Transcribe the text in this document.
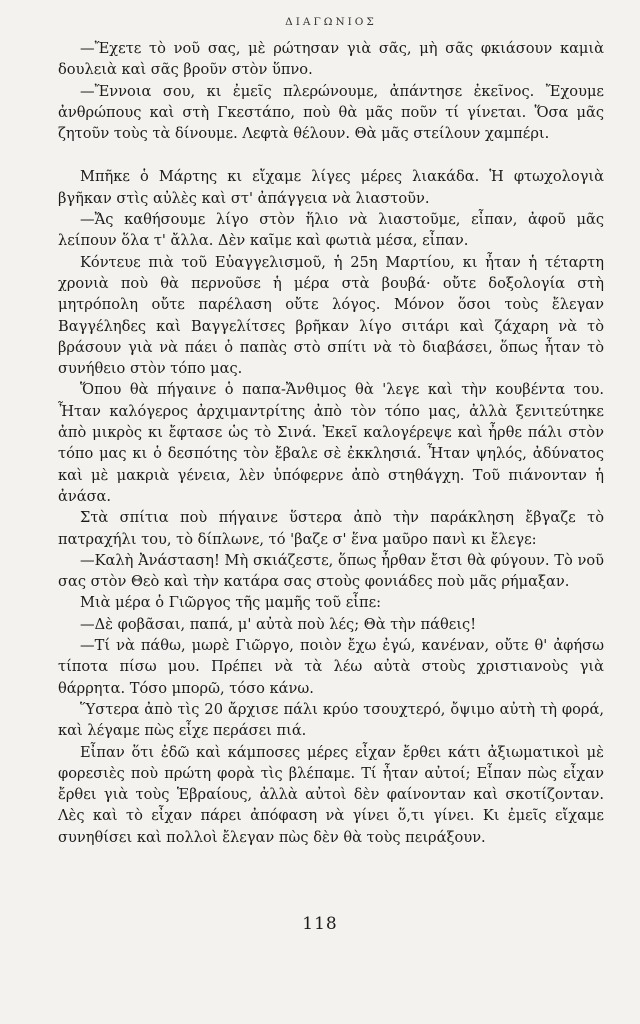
ΔΙΑΓΩΝΙΟΣ

—Ἔχετε τὸ νοῦ σας, μὲ ρώτησαν γιὰ σᾶς, μὴ σᾶς φκιάσουν καμιὰ δουλειὰ καὶ σᾶς βροῦν στὸν ὕπνο.

—Ἔννοια σου, κι ἐμεῖς πλερώνουμε, ἀπάντησε ἐκεῖνος. Ἔχουμε ἀνθρώπους καὶ στὴ Γκεστάπο, ποὺ θὰ μᾶς ποῦν τί γίνεται. Ὅσα μᾶς ζητοῦν τοὺς τὰ δίνουμε. Λεφτὰ θέλουν. Θὰ μᾶς στείλουν χαμπέρι.

Μπῆκε ὁ Μάρτης κι εἴχαμε λίγες μέρες λιακάδα. Ἡ φτωχολογιὰ βγῆκαν στὶς αὐλὲς καὶ στ' ἀπάγγεια νὰ λιαστοῦν.

—Ἄς καθήσουμε λίγο στὸν ἥλιο νὰ λιαστοῦμε, εἶπαν, ἀφοῦ μᾶς λείπουν ὅλα τ' ἄλλα. Δὲν καῖμε καὶ φωτιὰ μέσα, εἶπαν.

Κόντευε πιὰ τοῦ Εὐαγγελισμοῦ, ἡ 25η Μαρτίου, κι ἦταν ἡ τέταρτη χρονιὰ ποὺ θὰ περνοῦσε ἡ μέρα στὰ βουβά· οὔτε δοξολογία στὴ μητρόπολη οὔτε παρέλαση οὔτε λόγος. Μόνον ὅσοι τοὺς ἔλεγαν Βαγγέληδες καὶ Βαγγελίτσες βρῆκαν λίγο σιτάρι καὶ ζάχαρη νὰ τὸ βράσουν γιὰ νὰ πάει ὁ παπὰς στὸ σπίτι νὰ τὸ διαβάσει, ὅπως ἦταν τὸ συνήθειο στὸν τόπο μας.

Ὅπου θὰ πήγαινε ὁ παπα-Ἄνθιμος θὰ 'λεγε καὶ τὴν κουβέντα του. Ἦταν καλόγερος ἀρχιμαντρίτης ἀπὸ τὸν τόπο μας, ἀλλὰ ξενιτεύτηκε ἀπὸ μικρὸς κι ἔφτασε ὡς τὸ Σινά. Ἐκεῖ καλογέρεψε καὶ ἦρθε πάλι στὸν τόπο μας κι ὁ δεσπότης τὸν ἔβαλε σὲ ἐκκλησιά. Ἦταν ψηλός, ἀδύνατος καὶ μὲ μακριὰ γένεια, λὲν ὑπόφερνε ἀπὸ στηθάγχη. Τοῦ πιάνονταν ἡ ἀνάσα.

Στὰ σπίτια ποὺ πήγαινε ὕστερα ἀπὸ τὴν παράκληση ἔβγαζε τὸ πατραχήλι του, τὸ δίπλωνε, τό 'βαζε σ' ἕνα μαῦρο πανὶ κι ἔλεγε:

—Καλὴ Ἀνάσταση! Μὴ σκιάζεστε, ὅπως ἦρθαν ἔτσι θὰ φύγουν. Τὸ νοῦ σας στὸν Θεὸ καὶ τὴν κατάρα σας στοὺς φονιάδες ποὺ μᾶς ρήμαξαν.

Μιὰ μέρα ὁ Γιῶργος τῆς μαμῆς τοῦ εἶπε:

—Δὲ φοβᾶσαι, παπά, μ' αὐτὰ ποὺ λές; Θὰ τὴν πάθεις!

—Τί νὰ πάθω, μωρὲ Γιῶργο, ποιὸν ἔχω ἐγώ, κανέναν, οὔτε θ' ἀφήσω τίποτα πίσω μου. Πρέπει νὰ τὰ λέω αὐτὰ στοὺς χριστιανοὺς γιὰ θάρρητα. Τόσο μπορῶ, τόσο κάνω.

Ὕστερα ἀπὸ τὶς 20 ἄρχισε πάλι κρύο τσουχτερό, ὄψιμο αὐτὴ τὴ φορά, καὶ λέγαμε πὼς εἶχε περάσει πιά.

Εἶπαν ὅτι ἐδῶ καὶ κάμποσες μέρες εἶχαν ἔρθει κάτι ἀξιωματικοὶ μὲ φορεσιὲς ποὺ πρώτη φορὰ τὶς βλέπαμε. Τί ἦταν αὐτοί; Εἶπαν πὼς εἶχαν ἔρθει γιὰ τοὺς Ἑβραίους, ἀλλὰ αὐτοὶ δὲν φαίνονταν καὶ σκοτίζονταν. Λὲς καὶ τὸ εἶχαν πάρει ἀπόφαση νὰ γίνει ὅ,τι γίνει. Κι ἐμεῖς εἴχαμε συνηθίσει καὶ πολλοὶ ἔλεγαν πὼς δὲν θὰ τοὺς πειράξουν.

118
